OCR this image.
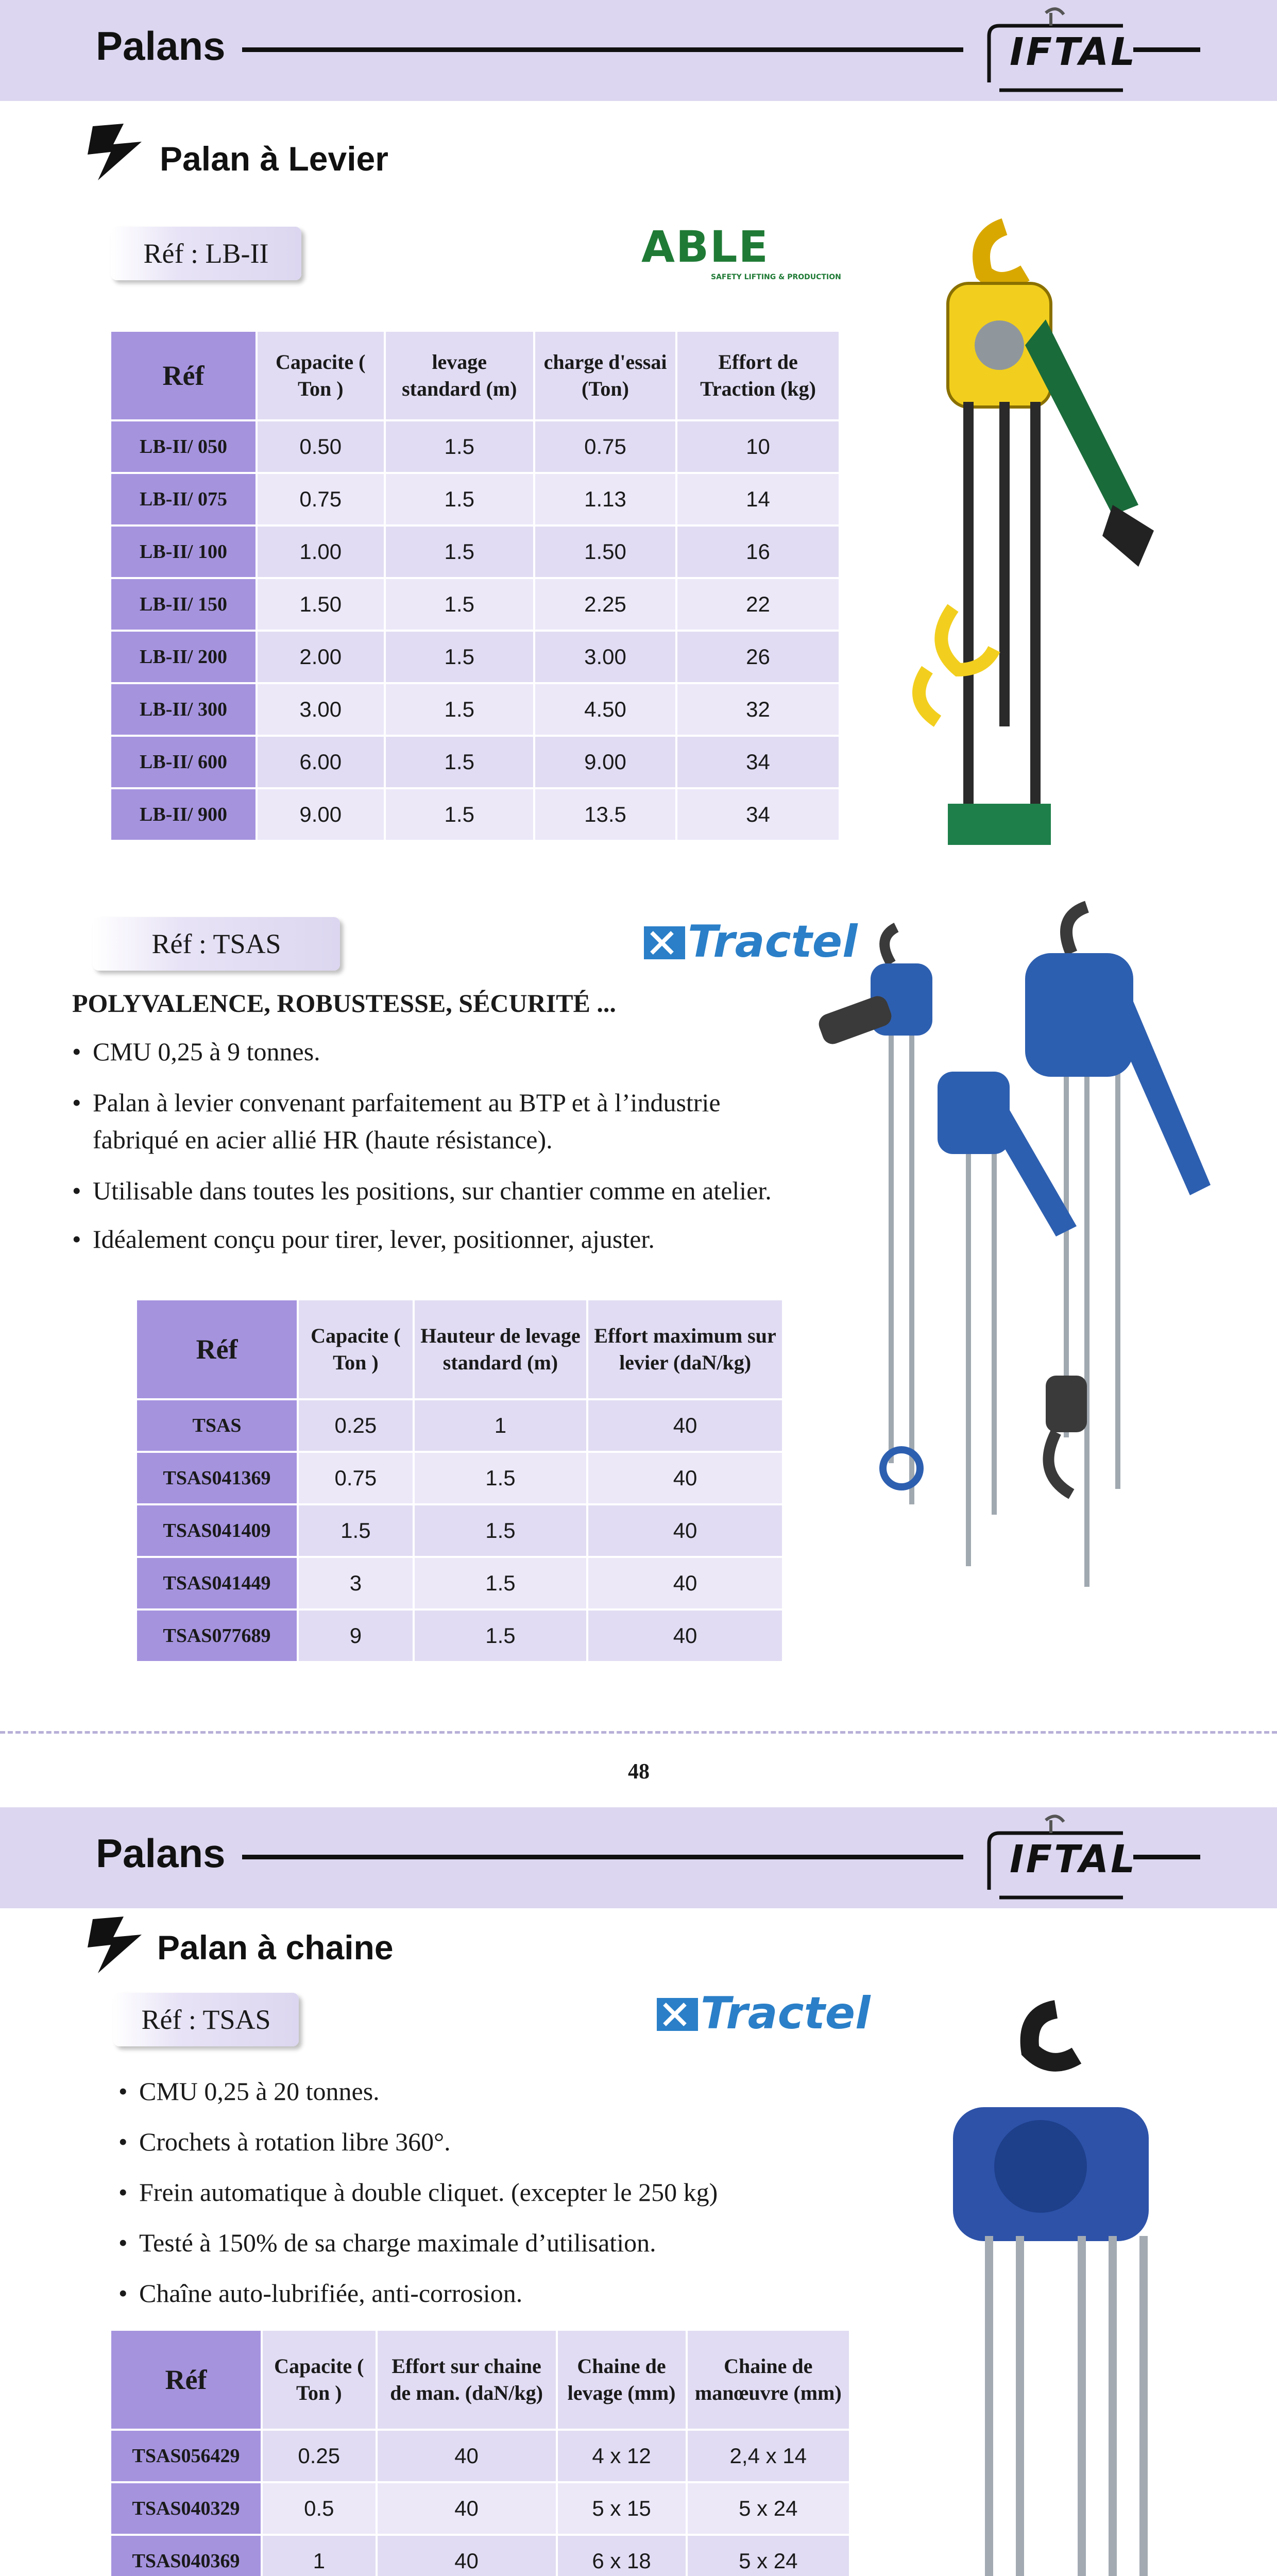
Palans	IFTAL
Palan à Levier
Réf : LB-II	ABLE
SAFETY LIFTING & PRODUCTION
Réf	Capacite ( Ton )	levage standard (m)	charge d'essai (Ton)	Effort de Traction (kg)
LB-II/ 050	0.50	1.5	0.75	10
LB-II/ 075	0.75	1.5	1.13	14
LB-II/ 100	1.00	1.5	1.50	16
LB-II/ 150	1.50	1.5	2.25	22
LB-II/ 200	2.00	1.5	3.00	26
LB-II/ 300	3.00	1.5	4.50	32
LB-II/ 600	6.00	1.5	9.00	34
LB-II/ 900	9.00	1.5	13.5	34
Réf : TSAS	Tractel
POLYVALENCE, ROBUSTESSE, SÉCURITÉ ...
• CMU 0,25 à 9 tonnes.
• Palan à levier convenant parfaitement au BTP et à l’industrie fabriqué en acier allié HR (haute résistance).
• Utilisable dans toutes les positions, sur chantier comme en atelier.
• Idéalement conçu pour tirer, lever, positionner, ajuster.
Réf	Capacite ( Ton )	Hauteur de levage standard (m)	Effort maximum sur levier (daN/kg)
TSAS	0.25	1	40
TSAS041369	0.75	1.5	40
TSAS041409	1.5	1.5	40
TSAS041449	3	1.5	40
TSAS077689	9	1.5	40
48
Palans	IFTAL
Palan à chaine
Réf : TSAS	Tractel
• CMU 0,25 à 20 tonnes.
• Crochets à rotation libre 360°.
• Frein automatique à double cliquet. (excepter le 250 kg)
• Testé à 150% de sa charge maximale d’utilisation.
• Chaîne auto-lubrifiée, anti-corrosion.
Réf	Capacite ( Ton )	Effort sur chaine de man. (daN/kg)	Chaine de levage (mm)	Chaine de manœuvre (mm)
TSAS056429	0.25	40	4 x 12	2,4 x 14
TSAS040329	0.5	40	5 x 15	5 x 24
TSAS040369	1	40	6 x 18	5 x 24
